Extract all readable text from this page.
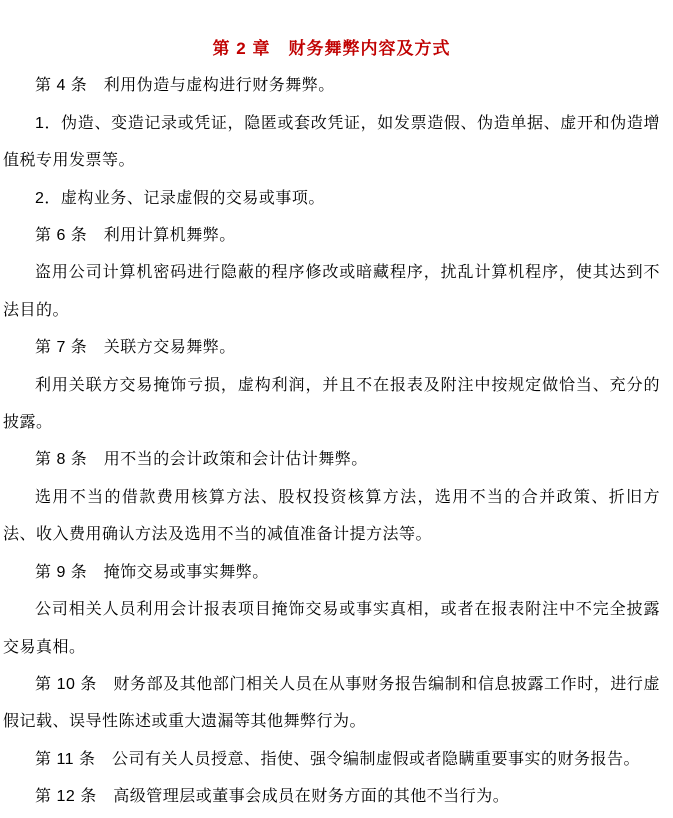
第 2 章　财务舞弊内容及方式

第 4 条　利用伪造与虚构进行财务舞弊。

1．伪造、变造记录或凭证，隐匿或套改凭证，如发票造假、伪造单据、虚开和伪造增值税专用发票等。

2．虚构业务、记录虚假的交易或事项。

第 6 条　利用计算机舞弊。

盗用公司计算机密码进行隐蔽的程序修改或暗藏程序，扰乱计算机程序，使其达到不法目的。

第 7 条　关联方交易舞弊。

利用关联方交易掩饰亏损，虚构利润，并且不在报表及附注中按规定做恰当、充分的披露。

第 8 条　用不当的会计政策和会计估计舞弊。

选用不当的借款费用核算方法、股权投资核算方法，选用不当的合并政策、折旧方法、收入费用确认方法及选用不当的减值准备计提方法等。

第 9 条　掩饰交易或事实舞弊。

公司相关人员利用会计报表项目掩饰交易或事实真相，或者在报表附注中不完全披露交易真相。

第 10 条　财务部及其他部门相关人员在从事财务报告编制和信息披露工作时，进行虚假记载、误导性陈述或重大遗漏等其他舞弊行为。

第 11 条　公司有关人员授意、指使、强令编制虚假或者隐瞒重要事实的财务报告。

第 12 条　高级管理层或董事会成员在财务方面的其他不当行为。
